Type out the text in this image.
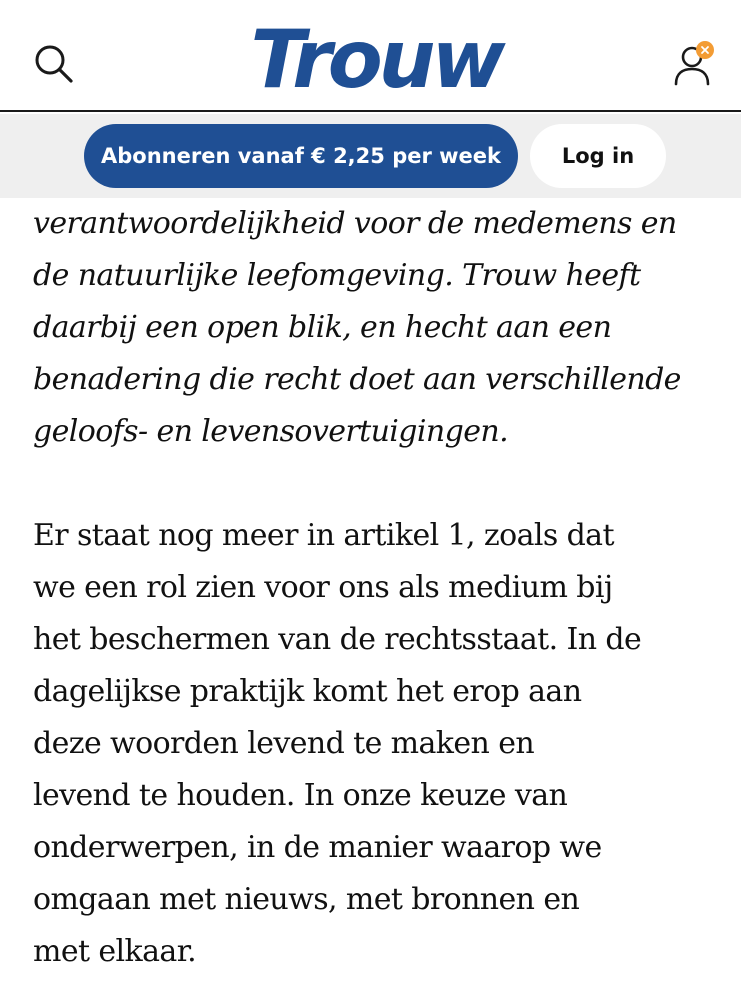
Trouw
Abonneren vanaf € 2,25 per week	Log in

verantwoordelijkheid voor de medemens en
de natuurlijke leefomgeving. Trouw heeft
daarbij een open blik, en hecht aan een
benadering die recht doet aan verschillende
geloofs- en levensovertuigingen.

Er staat nog meer in artikel 1, zoals dat
we een rol zien voor ons als medium bij
het beschermen van de rechtsstaat. In de
dagelijkse praktijk komt het erop aan
deze woorden levend te maken en
levend te houden. In onze keuze van
onderwerpen, in de manier waarop we
omgaan met nieuws, met bronnen en
met elkaar.
